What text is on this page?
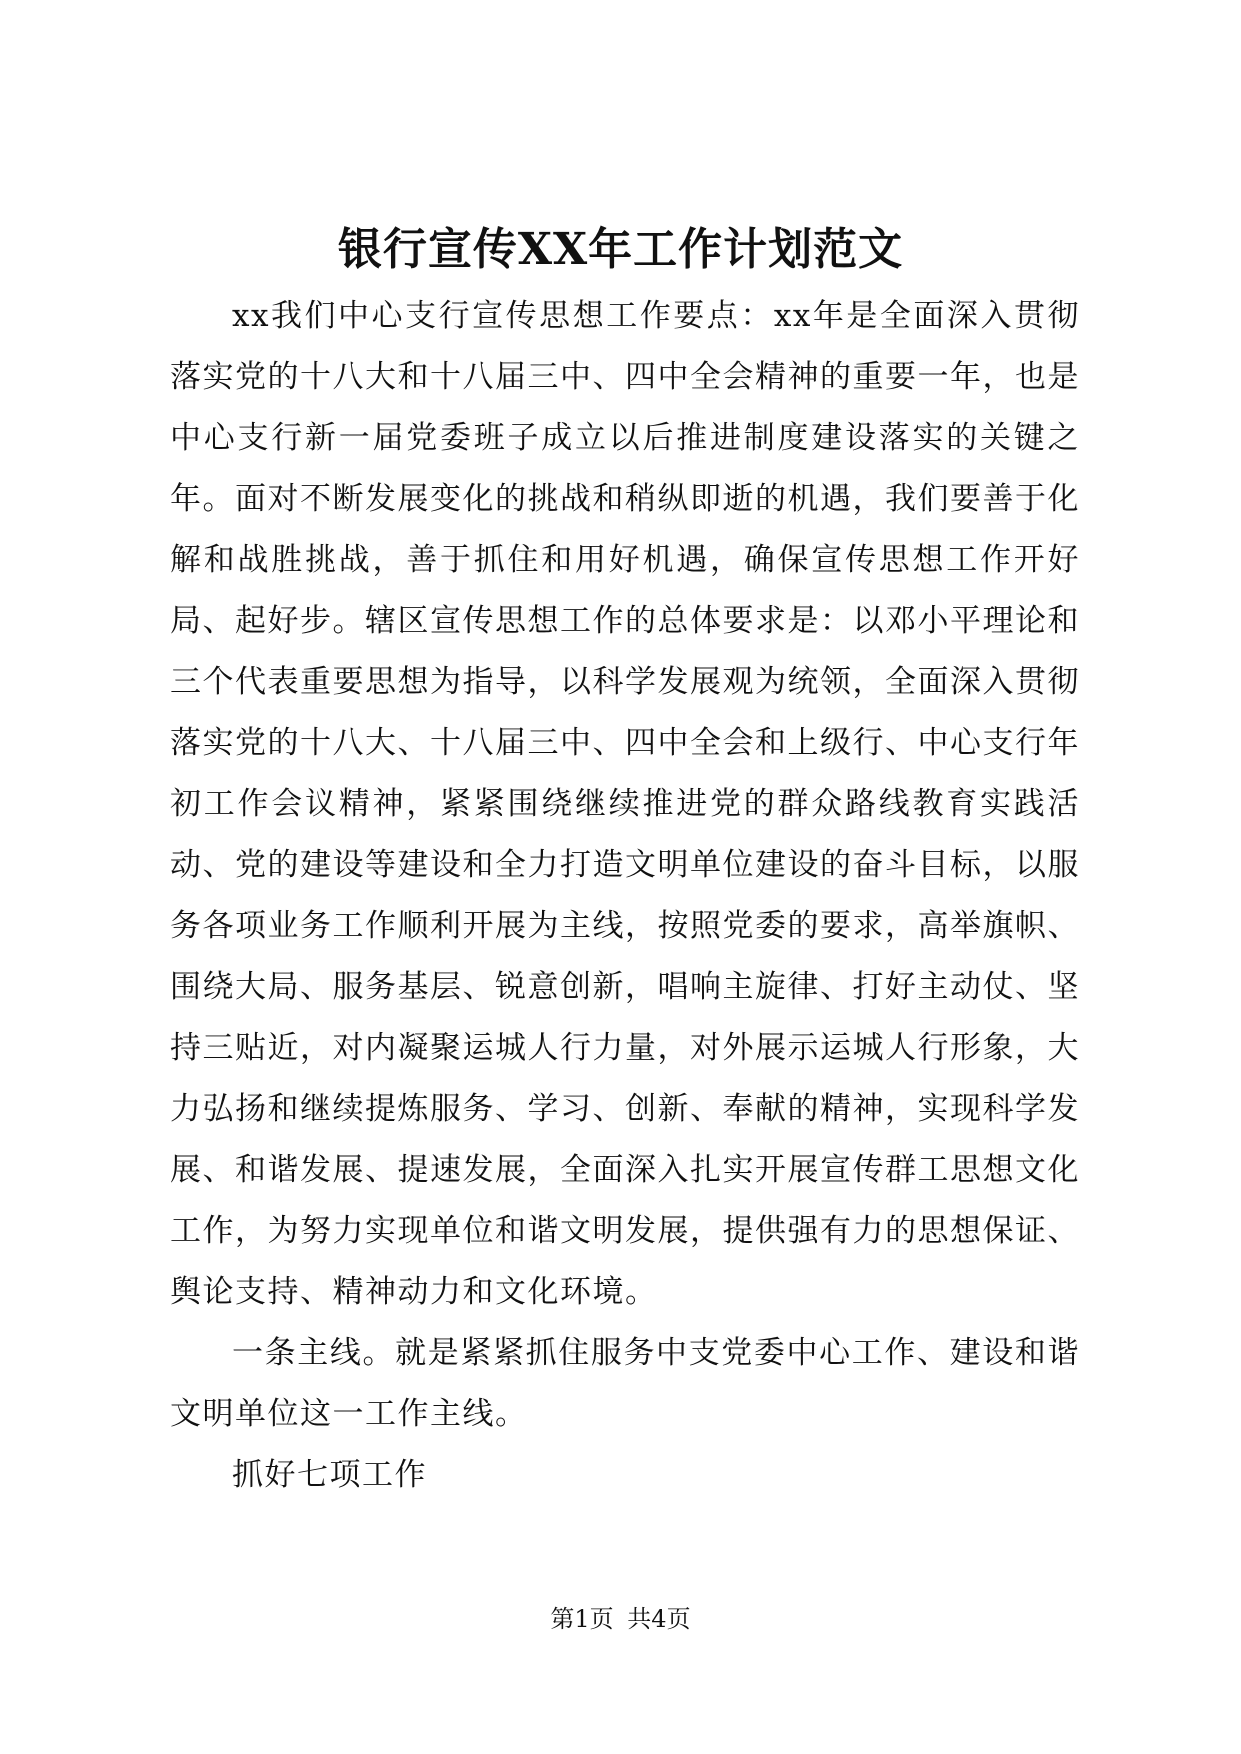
银行宣传XX年工作计划范文

xx我们中心支行宣传思想工作要点：xx年是全面深入贯彻落实党的十八大和十八届三中、四中全会精神的重要一年，也是中心支行新一届党委班子成立以后推进制度建设落实的关键之年。面对不断发展变化的挑战和稍纵即逝的机遇，我们要善于化解和战胜挑战，善于抓住和用好机遇，确保宣传思想工作开好局、起好步。辖区宣传思想工作的总体要求是：以邓小平理论和三个代表重要思想为指导，以科学发展观为统领，全面深入贯彻落实党的十八大、十八届三中、四中全会和上级行、中心支行年初工作会议精神，紧紧围绕继续推进党的群众路线教育实践活动、党的建设等建设和全力打造文明单位建设的奋斗目标，以服务各项业务工作顺利开展为主线，按照党委的要求，高举旗帜、围绕大局、服务基层、锐意创新，唱响主旋律、打好主动仗、坚持三贴近，对内凝聚运城人行力量，对外展示运城人行形象，大力弘扬和继续提炼服务、学习、创新、奉献的精神，实现科学发展、和谐发展、提速发展，全面深入扎实开展宣传群工思想文化工作，为努力实现单位和谐文明发展，提供强有力的思想保证、舆论支持、精神动力和文化环境。

一条主线。就是紧紧抓住服务中支党委中心工作、建设和谐文明单位这一工作主线。

抓好七项工作

第1页 共4页
